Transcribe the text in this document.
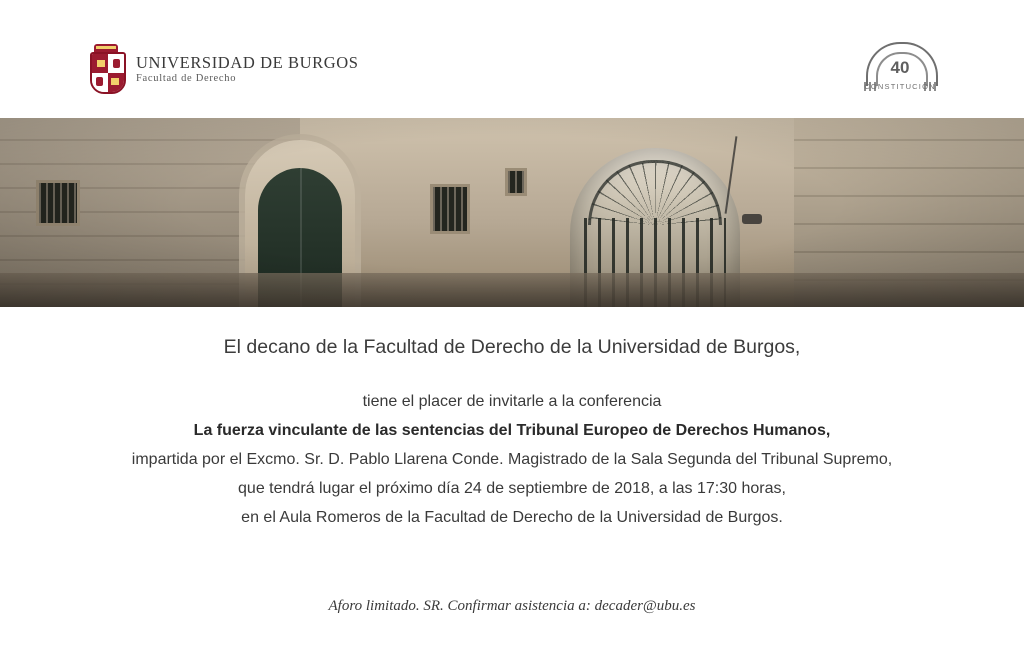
UNIVERSIDAD DE BURGOS
Facultad de Derecho
40
CONSTITUCIÓN
El decano de la Facultad de Derecho de la Universidad de Burgos,
tiene el placer de invitarle a la conferencia
La fuerza vinculante de las sentencias del Tribunal Europeo de Derechos Humanos,
impartida por el Excmo. Sr. D. Pablo Llarena Conde. Magistrado de la Sala Segunda del Tribunal Supremo,
que tendrá lugar el próximo día 24 de septiembre de 2018, a las 17:30 horas,
en el Aula Romeros de la Facultad de Derecho de la Universidad de Burgos.
Aforo limitado. SR. Confirmar asistencia a: decader@ubu.es
